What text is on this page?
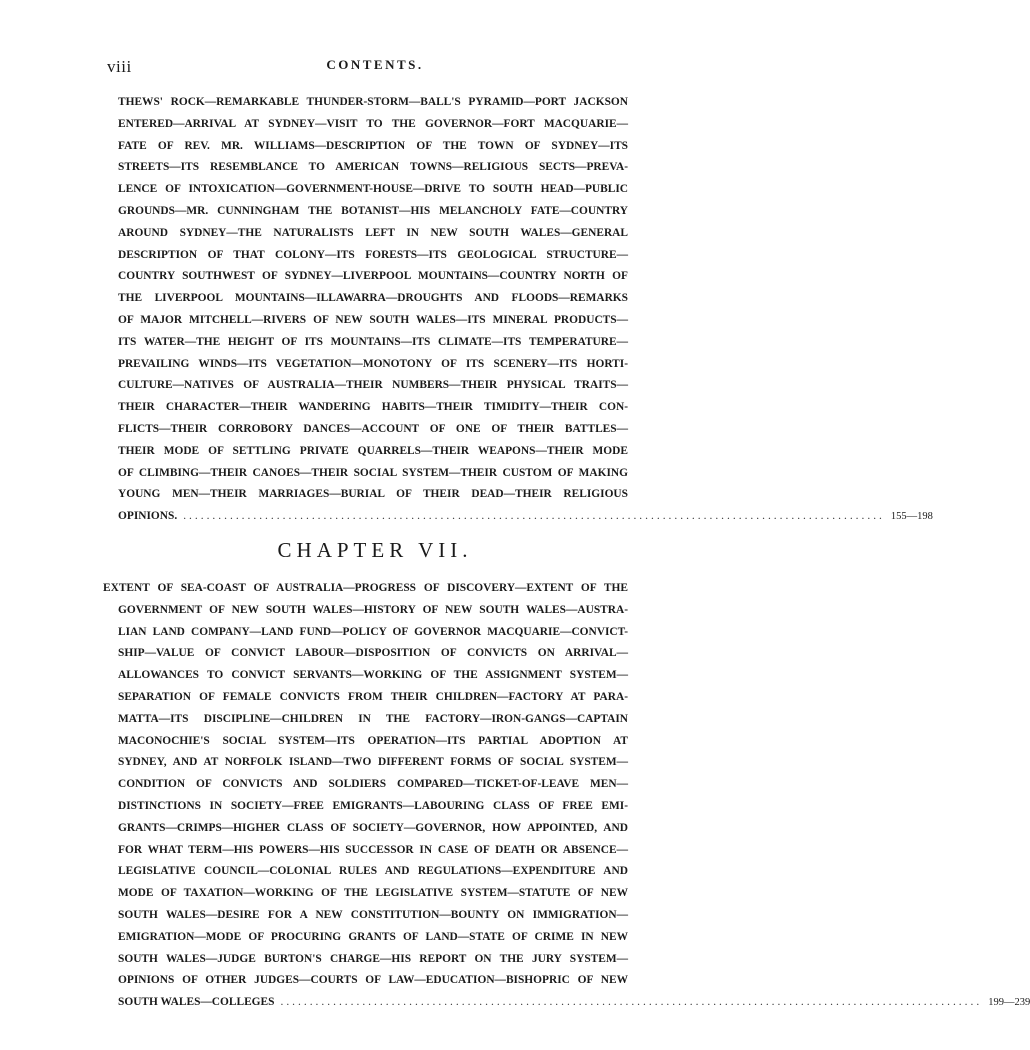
viii	CONTENTS.
THEWS' ROCK—REMARKABLE THUNDER-STORM—BALL'S PYRAMID—PORT JACKSON
ENTERED—ARRIVAL AT SYDNEY—VISIT TO THE GOVERNOR—FORT MACQUARIE—
FATE OF REV. MR. WILLIAMS—DESCRIPTION OF THE TOWN OF SYDNEY—ITS
STREETS—ITS RESEMBLANCE TO AMERICAN TOWNS—RELIGIOUS SECTS—PREVA-
LENCE OF INTOXICATION—GOVERNMENT-HOUSE—DRIVE TO SOUTH HEAD—PUBLIC
GROUNDS—MR. CUNNINGHAM THE BOTANIST—HIS MELANCHOLY FATE—COUNTRY
AROUND SYDNEY—THE NATURALISTS LEFT IN NEW SOUTH WALES—GENERAL
DESCRIPTION OF THAT COLONY—ITS FORESTS—ITS GEOLOGICAL STRUCTURE—
COUNTRY SOUTHWEST OF SYDNEY—LIVERPOOL MOUNTAINS—COUNTRY NORTH OF
THE LIVERPOOL MOUNTAINS—ILLAWARRA—DROUGHTS AND FLOODS—REMARKS
OF MAJOR MITCHELL—RIVERS OF NEW SOUTH WALES—ITS MINERAL PRODUCTS—
ITS WATER—THE HEIGHT OF ITS MOUNTAINS—ITS CLIMATE—ITS TEMPERATURE—
PREVAILING WINDS—ITS VEGETATION—MONOTONY OF ITS SCENERY—ITS HORTI-
CULTURE—NATIVES OF AUSTRALIA—THEIR NUMBERS—THEIR PHYSICAL TRAITS—
THEIR CHARACTER—THEIR WANDERING HABITS—THEIR TIMIDITY—THEIR CON-
FLICTS—THEIR CORROBORY DANCES—ACCOUNT OF ONE OF THEIR BATTLES—
THEIR MODE OF SETTLING PRIVATE QUARRELS—THEIR WEAPONS—THEIR MODE
OF CLIMBING—THEIR CANOES—THEIR SOCIAL SYSTEM—THEIR CUSTOM OF MAKING
YOUNG MEN—THEIR MARRIAGES—BURIAL OF THEIR DEAD—THEIR RELIGIOUS
OPINIONS. ........................................................................................................................ 155—198
CHAPTER VII.
EXTENT OF SEA-COAST OF AUSTRALIA—PROGRESS OF DISCOVERY—EXTENT OF THE
GOVERNMENT OF NEW SOUTH WALES—HISTORY OF NEW SOUTH WALES—AUSTRA-
LIAN LAND COMPANY—LAND FUND—POLICY OF GOVERNOR MACQUARIE—CONVICT-
SHIP—VALUE OF CONVICT LABOUR—DISPOSITION OF CONVICTS ON ARRIVAL—
ALLOWANCES TO CONVICT SERVANTS—WORKING OF THE ASSIGNMENT SYSTEM—
SEPARATION OF FEMALE CONVICTS FROM THEIR CHILDREN—FACTORY AT PARA-
MATTA—ITS DISCIPLINE—CHILDREN IN THE FACTORY—IRON-GANGS—CAPTAIN
MACONOCHIE'S SOCIAL SYSTEM—ITS OPERATION—ITS PARTIAL ADOPTION AT
SYDNEY, AND AT NORFOLK ISLAND—TWO DIFFERENT FORMS OF SOCIAL SYSTEM—
CONDITION OF CONVICTS AND SOLDIERS COMPARED—TICKET-OF-LEAVE MEN—
DISTINCTIONS IN SOCIETY—FREE EMIGRANTS—LABOURING CLASS OF FREE EMI-
GRANTS—CRIMPS—HIGHER CLASS OF SOCIETY—GOVERNOR, HOW APPOINTED, AND
FOR WHAT TERM—HIS POWERS—HIS SUCCESSOR IN CASE OF DEATH OR ABSENCE—
LEGISLATIVE COUNCIL—COLONIAL RULES AND REGULATIONS—EXPENDITURE AND
MODE OF TAXATION—WORKING OF THE LEGISLATIVE SYSTEM—STATUTE OF NEW
SOUTH WALES—DESIRE FOR A NEW CONSTITUTION—BOUNTY ON IMMIGRATION—
EMIGRATION—MODE OF PROCURING GRANTS OF LAND—STATE OF CRIME IN NEW
SOUTH WALES—JUDGE BURTON'S CHARGE—HIS REPORT ON THE JURY SYSTEM—
OPINIONS OF OTHER JUDGES—COURTS OF LAW—EDUCATION—BISHOPRIC OF NEW
SOUTH WALES—COLLEGES ........................................................................................................................ 199—239
